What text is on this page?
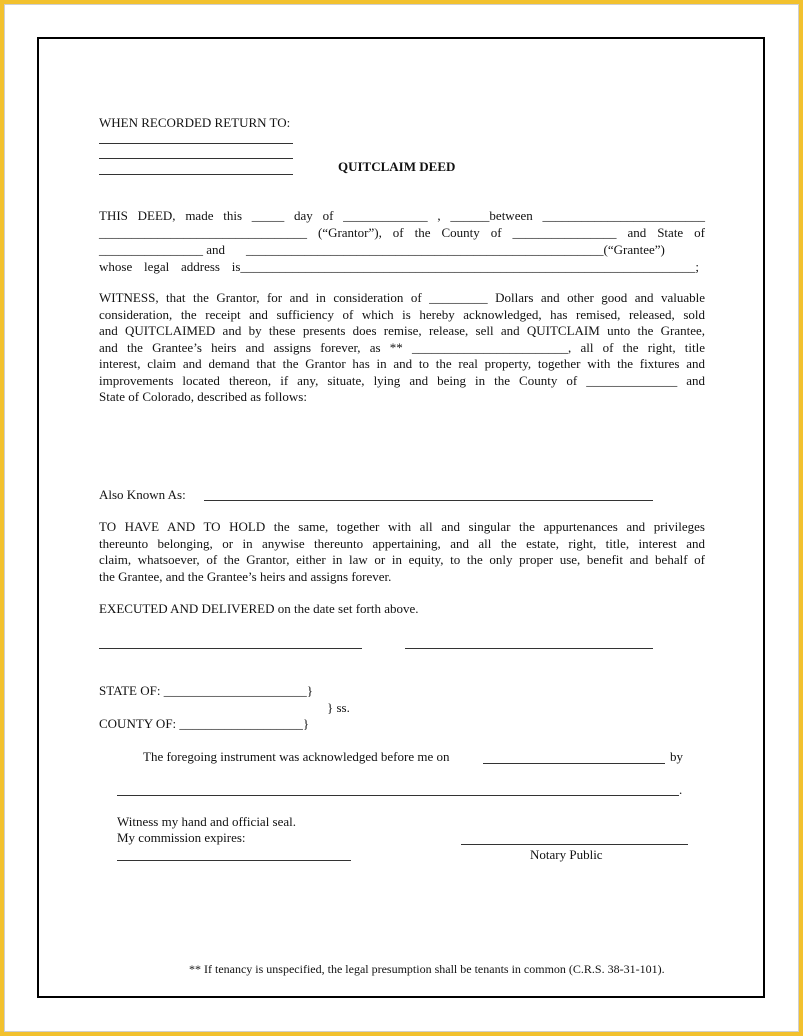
WHEN RECORDED RETURN TO:
QUITCLAIM DEED
THIS DEED, made this _____ day of _____________ , ______between _________________________
________________________________ (“Grantor”), of the County of ________________ and State of
________________ and _______________________________________________________(“Grantee”)
whose legal address is______________________________________________________________________;
WITNESS, that the Grantor, for and in consideration of _________ Dollars and other good and valuable
consideration, the receipt and sufficiency of which is hereby acknowledged, has remised, released, sold
and QUITCLAIMED and by these presents does remise, release, sell and QUITCLAIM unto the Grantee,
and the Grantee’s heirs and assigns forever, as ** ________________________, all of the right, title
interest, claim and demand that the Grantor has in and to the real property, together with the fixtures and
improvements located thereon, if any, situate, lying and being in the County of ______________ and
State of Colorado, described as follows:
Also Known As:
TO HAVE AND TO HOLD the same, together with all and singular the appurtenances and privileges
thereunto belonging, or in anywise thereunto appertaining, and all the estate, right, title, interest and
claim, whatsoever, of the Grantor, either in law or in equity, to the only proper use, benefit and behalf of
the Grantee, and the Grantee’s heirs and assigns forever.
EXECUTED AND DELIVERED on the date set forth above.
STATE OF: ______________________}
} ss.
COUNTY OF: ___________________}
The foregoing instrument was acknowledged before me on	by
.
Witness my hand and official seal.
My commission expires:
Notary Public
** If tenancy is unspecified, the legal presumption shall be tenants in common (C.R.S. 38-31-101).
